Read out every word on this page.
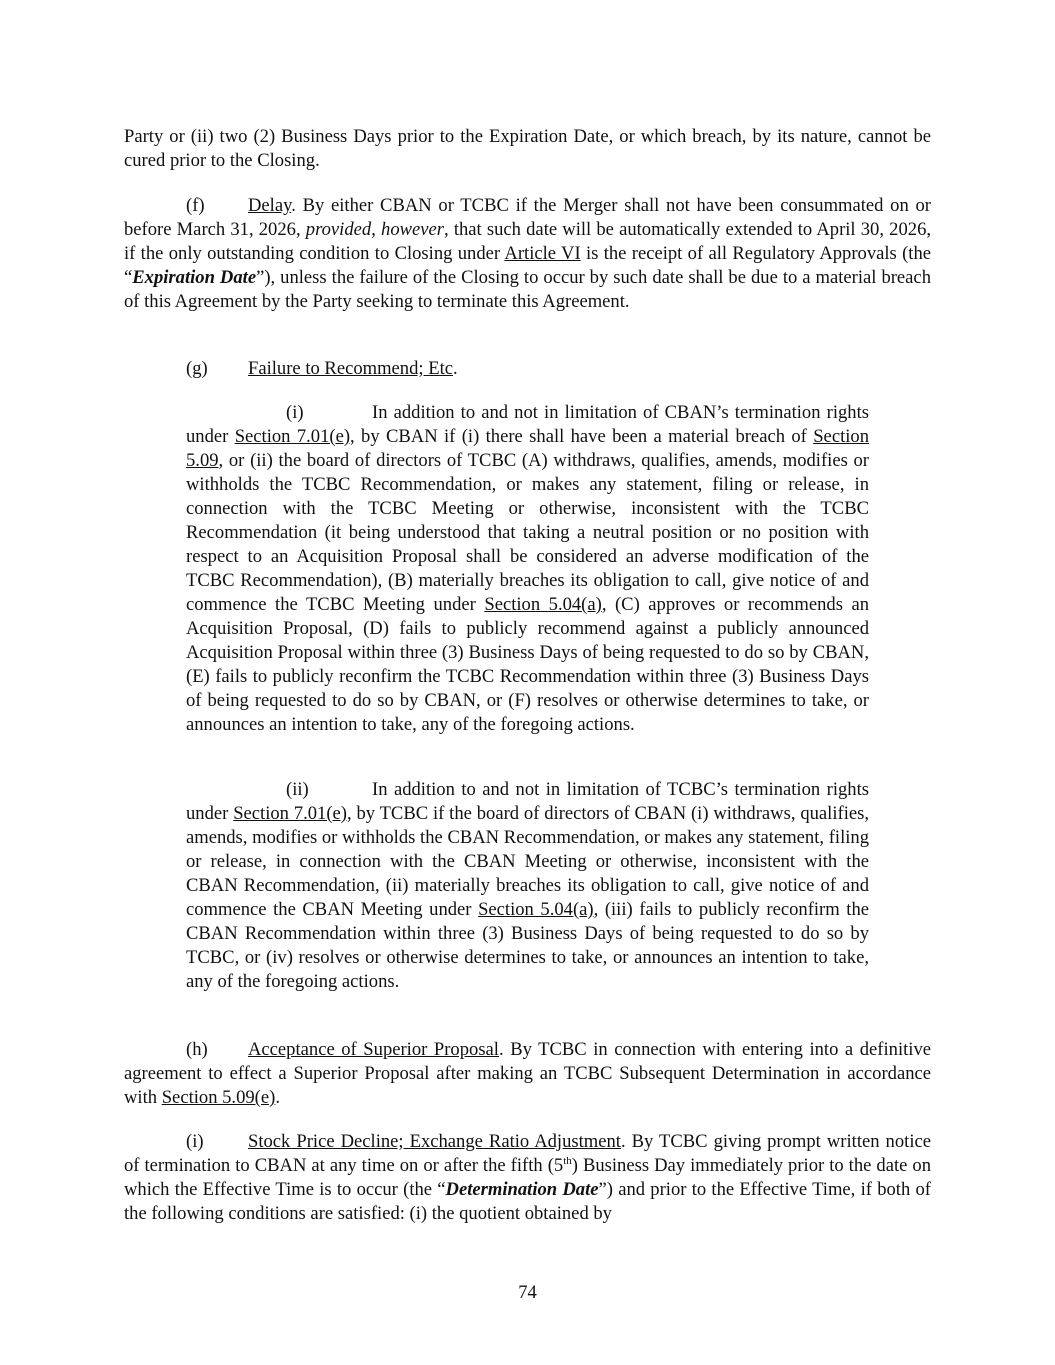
Party or (ii) two (2) Business Days prior to the Expiration Date, or which breach, by its nature, cannot be cured prior to the Closing.

(f) Delay. By either CBAN or TCBC if the Merger shall not have been consummated on or before March 31, 2026, provided, however, that such date will be automatically extended to April 30, 2026, if the only outstanding condition to Closing under Article VI is the receipt of all Regulatory Approvals (the “Expiration Date”), unless the failure of the Closing to occur by such date shall be due to a material breach of this Agreement by the Party seeking to terminate this Agreement.

(g) Failure to Recommend; Etc.

(i)	In addition to and not in limitation of CBAN’s termination rights under Section 7.01(e), by CBAN if (i) there shall have been a material breach of Section 5.09, or (ii) the board of directors of TCBC (A) withdraws, qualifies, amends, modifies or withholds the TCBC Recommendation, or makes any statement, filing or release, in connection with the TCBC Meeting or otherwise, inconsistent with the TCBC Recommendation (it being understood that taking a neutral position or no position with respect to an Acquisition Proposal shall be considered an adverse modification of the TCBC Recommendation), (B) materially breaches its obligation to call, give notice of and commence the TCBC Meeting under Section 5.04(a), (C) approves or recommends an Acquisition Proposal, (D) fails to publicly recommend against a publicly announced Acquisition Proposal within three (3) Business Days of being requested to do so by CBAN, (E) fails to publicly reconfirm the TCBC Recommendation within three (3) Business Days of being requested to do so by CBAN, or (F) resolves or otherwise determines to take, or announces an intention to take, any of the foregoing actions.

(ii)	In addition to and not in limitation of TCBC’s termination rights under Section 7.01(e), by TCBC if the board of directors of CBAN (i) withdraws, qualifies, amends, modifies or withholds the CBAN Recommendation, or makes any statement, filing or release, in connection with the CBAN Meeting or otherwise, inconsistent with the CBAN Recommendation, (ii) materially breaches its obligation to call, give notice of and commence the CBAN Meeting under Section 5.04(a), (iii) fails to publicly reconfirm the CBAN Recommendation within three (3) Business Days of being requested to do so by TCBC, or (iv) resolves or otherwise determines to take, or announces an intention to take, any of the foregoing actions.

(h) Acceptance of Superior Proposal. By TCBC in connection with entering into a definitive agreement to effect a Superior Proposal after making an TCBC Subsequent Determination in accordance with Section 5.09(e).

(i) Stock Price Decline; Exchange Ratio Adjustment. By TCBC giving prompt written notice of termination to CBAN at any time on or after the fifth (5th) Business Day immediately prior to the date on which the Effective Time is to occur (the “Determination Date”) and prior to the Effective Time, if both of the following conditions are satisfied: (i) the quotient obtained by

74
